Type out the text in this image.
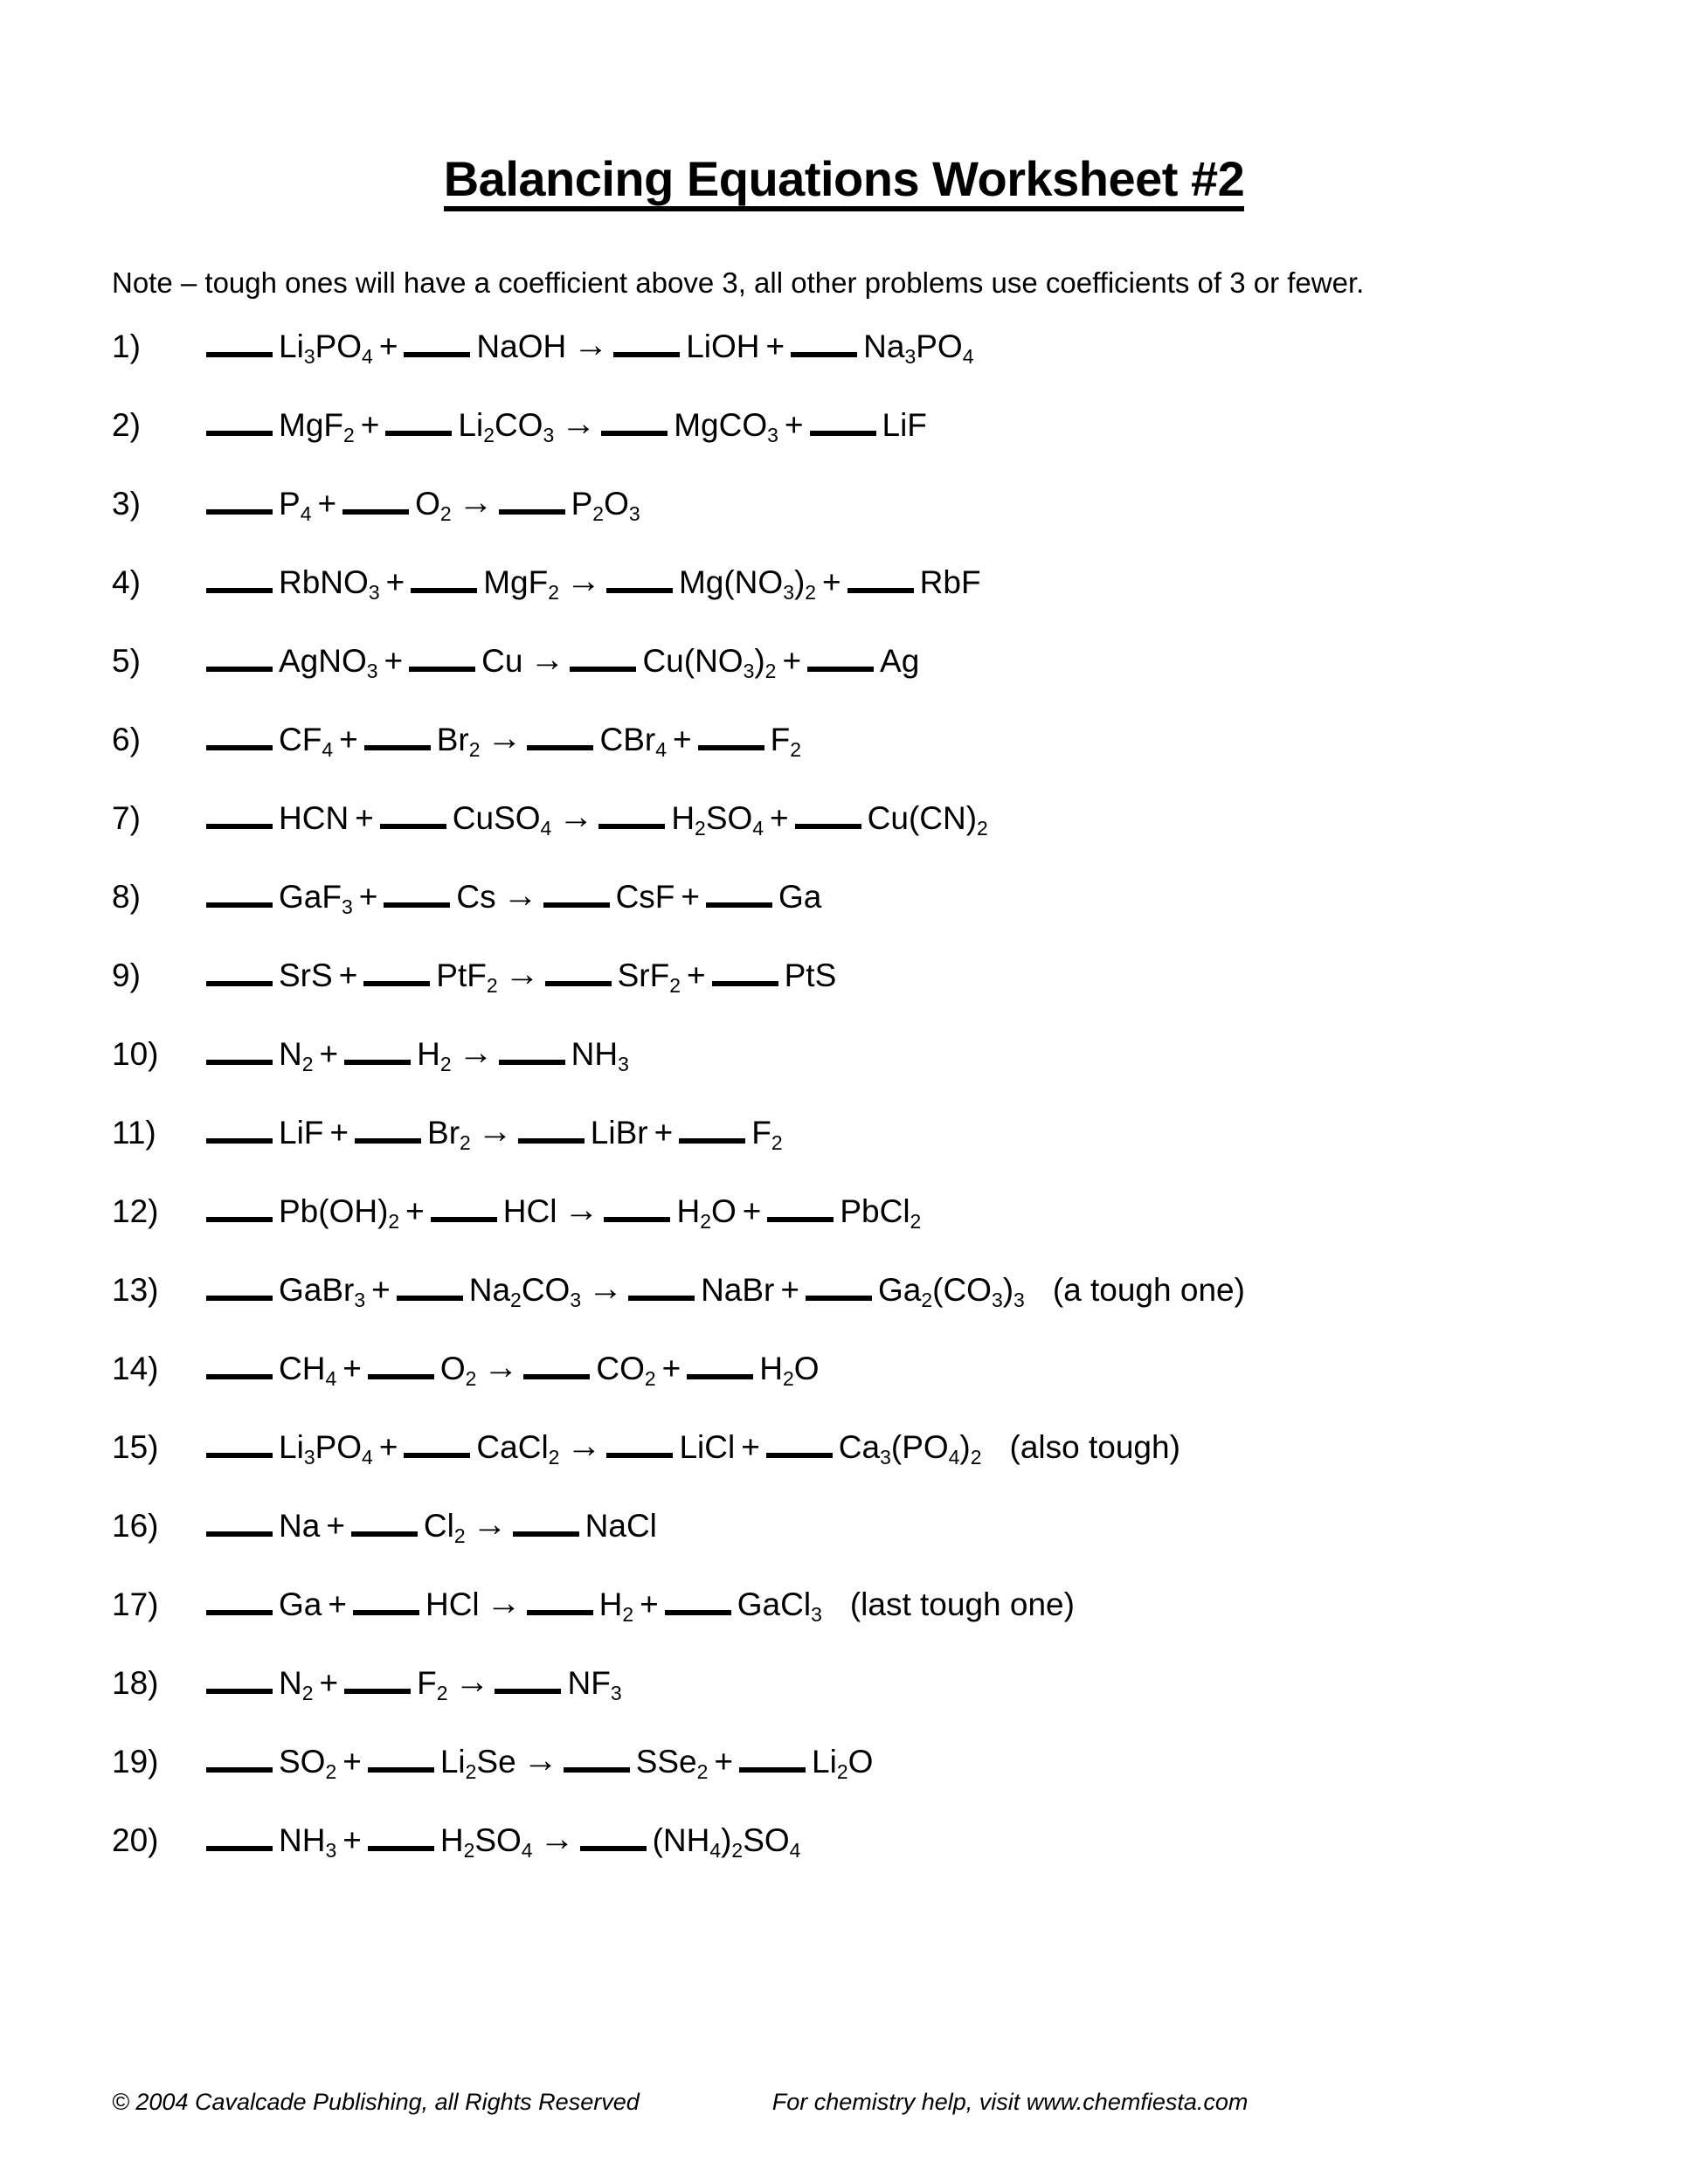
Balancing Equations Worksheet #2
Note – tough ones will have a coefficient above 3, all other problems use coefficients of 3 or fewer.
1)	$Li_3PO_4$ + NaOH → LiOH + $Na_3PO_4$
2)	$MgF_2 + Li_2CO_3$ → MgCO$_3$ + LiF
3)	$P_4 + O_2 \to P_2O_3$
4)	RbNO$_3$ + $MgF_2 \to Mg(NO_3)_2$ + RbF
5)	AgNO$_3$ + $Cu \to Cu(NO_3)_2 + Ag$
6)	$CF_4 + Br_2 \to CBr_4 + F_2$
7)	HCN + CuSO$_4$ → $H_2SO_4 + Cu(CN)_2$
8)	GaF$_3$ + Cs → CsF + Ga
9)	SrS + PtF$_2$ → SrF$_2$ + PtS
10)	$N_2 + H_2 \to NH_3$
11)	LiF + $Br_2$ → LiBr + $F_2$
12)	$Pb(OH)_2$ + HCl → $H_2O$ + PbCl$_2$
13)	GaBr$_3$ + $Na_2CO_3$ → NaBr + $Ga_2(CO_3)_3$ (a tough one)
14)	$CH_4 + O_2 \to CO_2 + H_2O$
15)	$Li_3PO_4$ + CaCl$_2$ → LiCl + $Ca_3(PO_4)_2$ (also tough)
16)	$Na + Cl_2$ → NaCl
17)	Ga + HCl → $H_2$ + GaCl$_3$ (last tough one)
18)	$N_2 + F_2 \to NF_3$
19)	$SO_2 + Li_2Se \to SSe_2 + Li_2O$
20)	$NH_3 + H_2SO_4 \to (NH_4)_2SO_4$
© 2004 Cavalcade Publishing, all Rights Reserved	For chemistry help, visit www.chemfiesta.com
